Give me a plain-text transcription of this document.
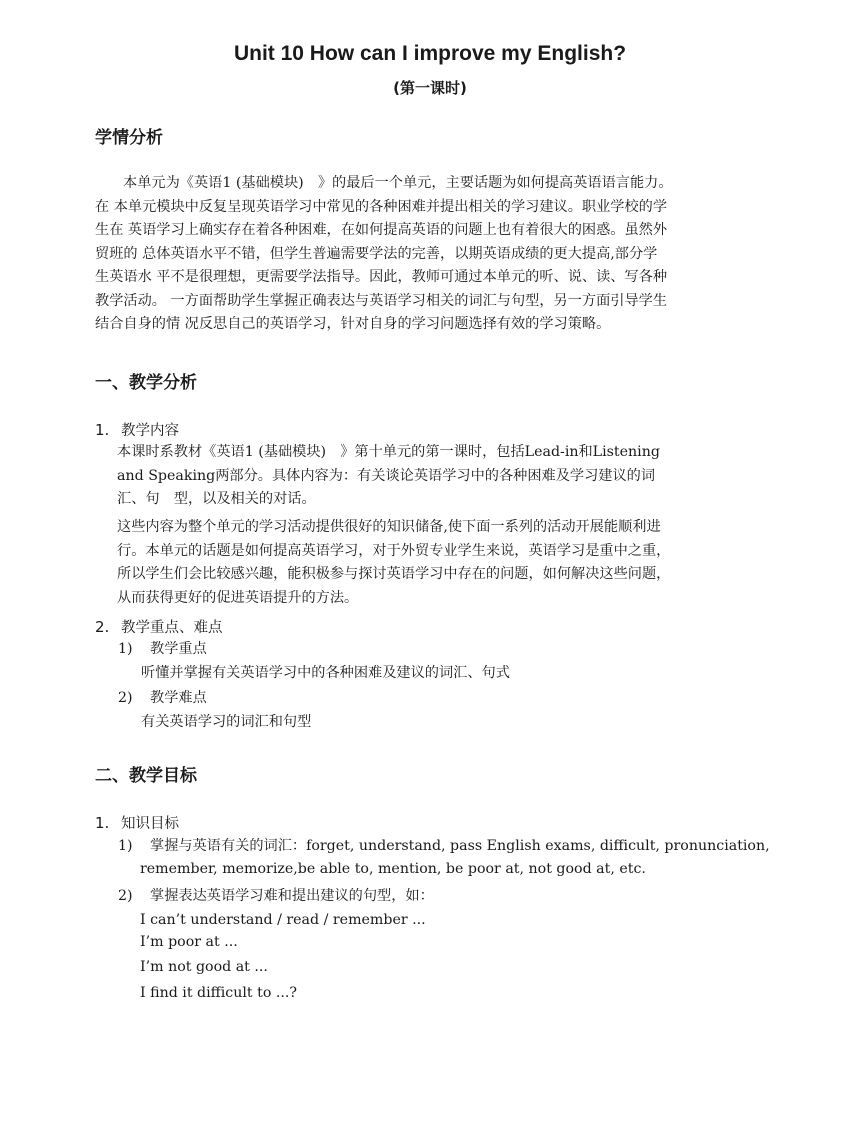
Unit 10 How can I improve my English?
(第一课时)
学情分析
本单元为《英语1 (基础模块)　》的最后一个单元，主要话题为如何提高英语语言能力。
在 本单元模块中反复呈现英语学习中常见的各种困难并提出相关的学习建议。职业学校的学
生在 英语学习上确实存在着各种困难，在如何提高英语的问题上也有着很大的困惑。虽然外
贸班的 总体英语水平不错，但学生普遍需要学法的完善，以期英语成绩的更大提高,部分学
生英语水 平不是很理想，更需要学法指导。因此，教师可通过本单元的听、说、读、写各种
教学活动。 一方面帮助学生掌握正确表达与英语学习相关的词汇与句型，另一方面引导学生
结合自身的情 况反思自己的英语学习，针对自身的学习问题选择有效的学习策略。
一、教学分析
1. 教学内容
本课时系教材《英语1 (基础模块)　》第十单元的第一课时，包括Lead-in和Listening
and Speaking两部分。具体内容为：有关谈论英语学习中的各种困难及学习建议的词
汇、句　型，以及相关的对话。
这些内容为整个单元的学习活动提供很好的知识储备,使下面一系列的活动开展能顺利进
行。本单元的话题是如何提高英语学习，对于外贸专业学生来说，英语学习是重中之重，
所以学生们会比较感兴趣，能积极参与探讨英语学习中存在的问题，如何解决这些问题，
从而获得更好的促进英语提升的方法。
2. 教学重点、难点
1) 教学重点
听懂并掌握有关英语学习中的各种困难及建议的词汇、句式
2) 教学难点
有关英语学习的词汇和句型
二、教学目标
1. 知识目标
1) 掌握与英语有关的词汇：forget, understand, pass English exams, difficult, pronunciation,
remember, memorize,be able to, mention, be poor at, not good at, etc.
2) 掌握表达英语学习难和提出建议的句型，如：
I can’t understand / read / remember ...
I’m poor at ...
I’m not good at ...
I find it difficult to ...?
